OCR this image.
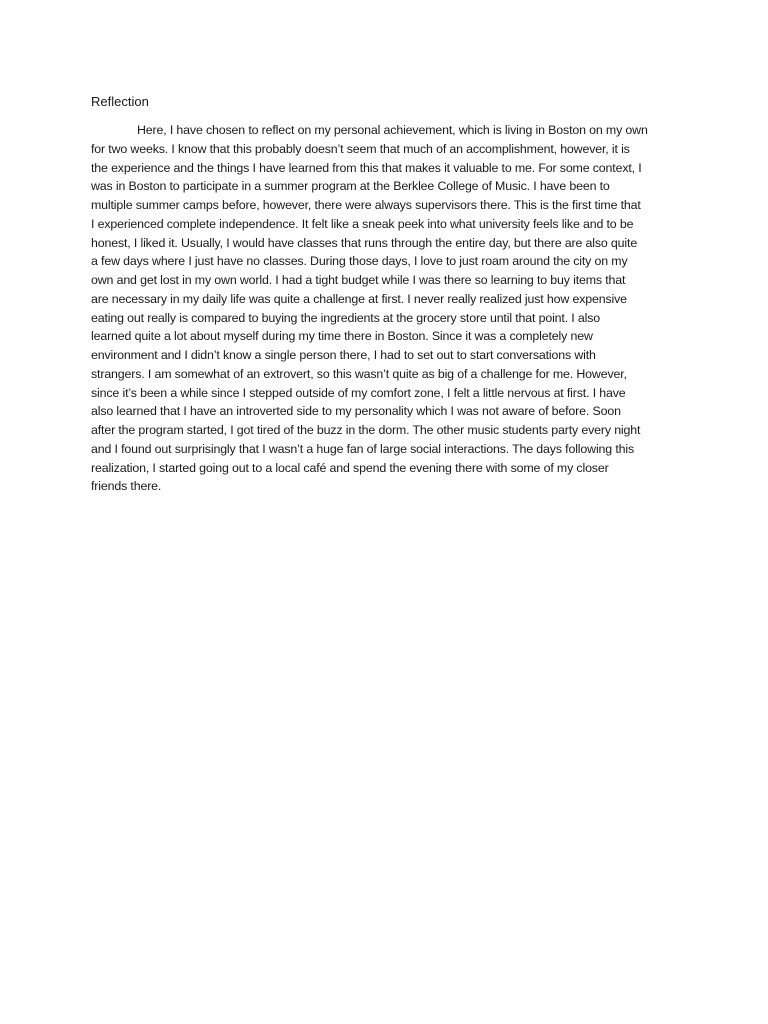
Reflection

Here, I have chosen to reflect on my personal achievement, which is living in Boston on my own
for two weeks. I know that this probably doesn’t seem that much of an accomplishment, however, it is
the experience and the things I have learned from this that makes it valuable to me. For some context, I
was in Boston to participate in a summer program at the Berklee College of Music. I have been to
multiple summer camps before, however, there were always supervisors there. This is the first time that
I experienced complete independence. It felt like a sneak peek into what university feels like and to be
honest, I liked it. Usually, I would have classes that runs through the entire day, but there are also quite
a few days where I just have no classes. During those days, I love to just roam around the city on my
own and get lost in my own world. I had a tight budget while I was there so learning to buy items that
are necessary in my daily life was quite a challenge at first. I never really realized just how expensive
eating out really is compared to buying the ingredients at the grocery store until that point. I also
learned quite a lot about myself during my time there in Boston. Since it was a completely new
environment and I didn’t know a single person there, I had to set out to start conversations with
strangers. I am somewhat of an extrovert, so this wasn’t quite as big of a challenge for me. However,
since it’s been a while since I stepped outside of my comfort zone, I felt a little nervous at first. I have
also learned that I have an introverted side to my personality which I was not aware of before. Soon
after the program started, I got tired of the buzz in the dorm. The other music students party every night
and I found out surprisingly that I wasn’t a huge fan of large social interactions. The days following this
realization, I started going out to a local café and spend the evening there with some of my closer
friends there.
